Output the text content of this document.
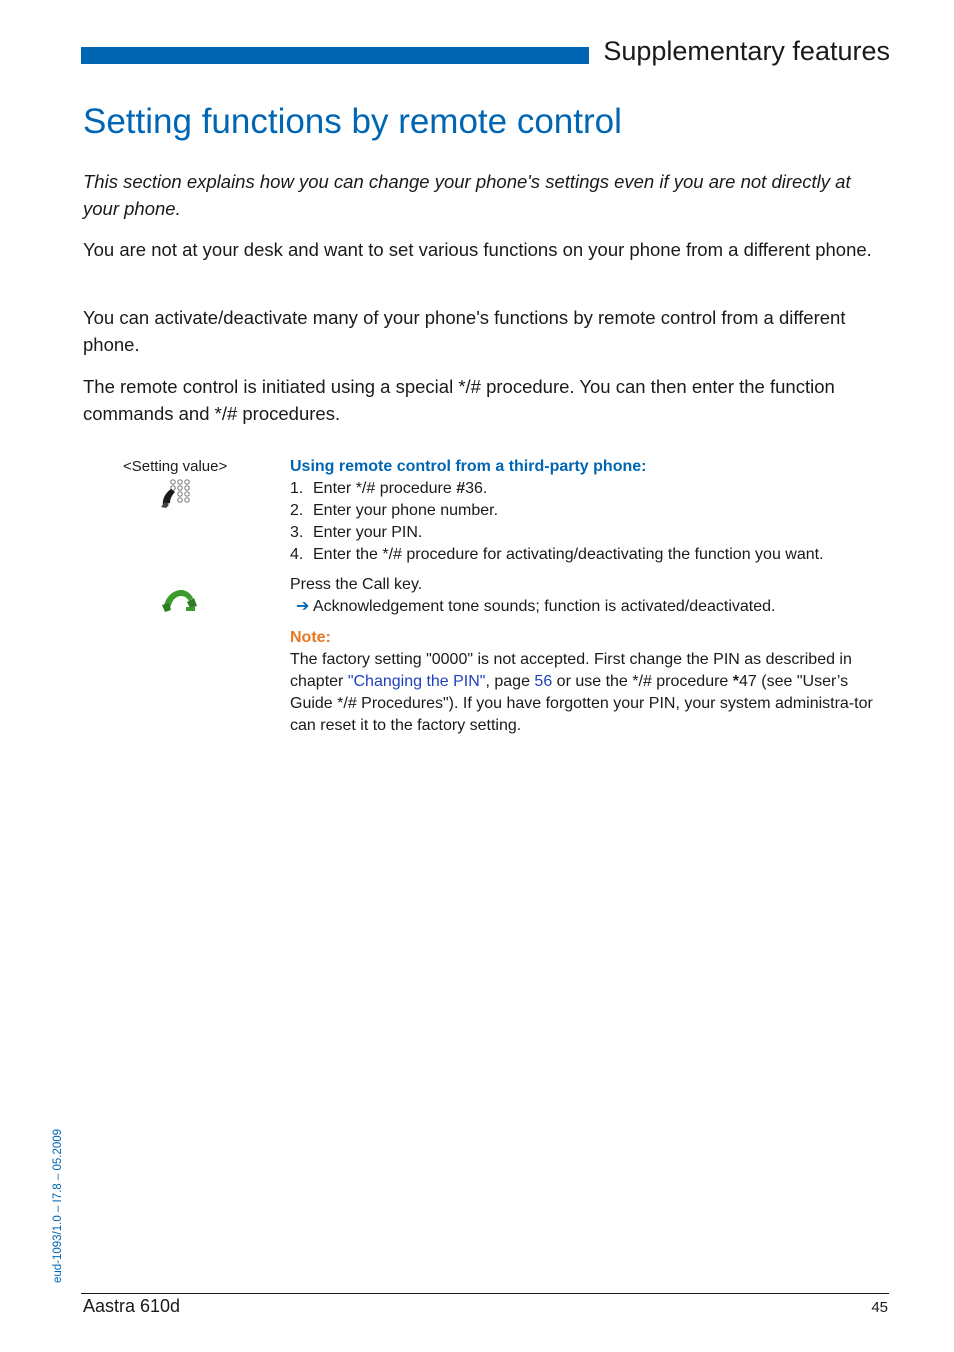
Supplementary features
Setting functions by remote control

This section explains how you can change your phone's settings even if you are not directly at your phone.

You are not at your desk and want to set various functions on your phone from a different phone.

You can activate/deactivate many of your phone's functions by remote control from a different phone.

The remote control is initiated using a special */# procedure. You can then enter the function commands and */# procedures.

<Setting value>	Using remote control from a third-party phone:
1. Enter */# procedure #36.
2. Enter your phone number.
3. Enter your PIN.
4. Enter the */# procedure for activating/deactivating the function you want.
Press the Call key.
➔ Acknowledgement tone sounds; function is activated/deactivated.
Note:
The factory setting "0000" is not accepted. First change the PIN as described in chapter "Changing the PIN", page 56 or use the */# procedure *47 (see "User’s Guide */# Procedures"). If you have forgotten your PIN, your system administra-tor can reset it to the factory setting.
eud-1093/1.0 – I7.8 – 05.2009
Aastra 610d	45
